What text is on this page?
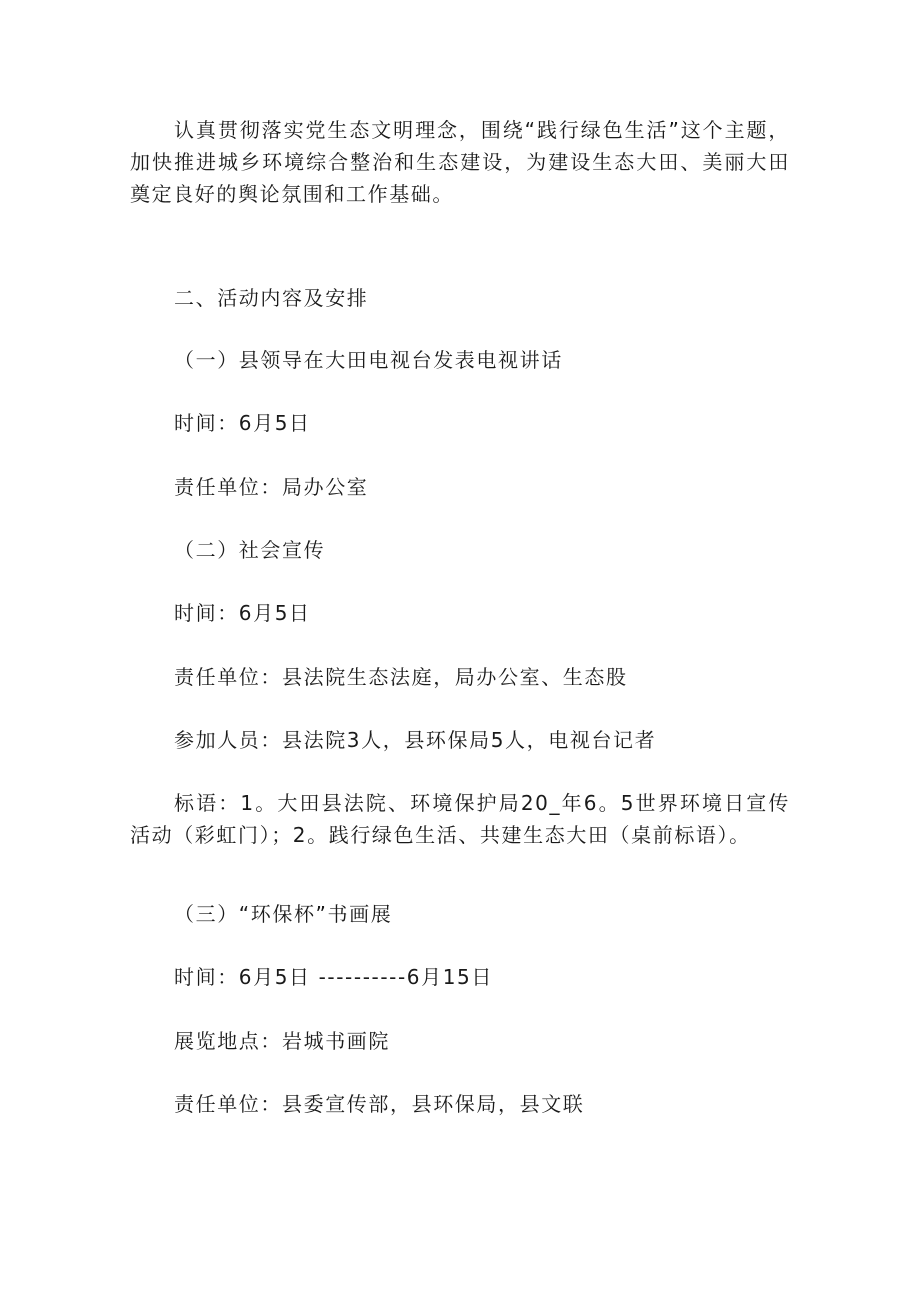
认真贯彻落实党生态文明理念，围绕“践行绿色生活”这个主题，加快推进城乡环境综合整治和生态建设，为建设生态大田、美丽大田奠定良好的舆论氛围和工作基础。

二、活动内容及安排

（一）县领导在大田电视台发表电视讲话

时间：6月5日

责任单位：局办公室

（二）社会宣传

时间：6月5日

责任单位：县法院生态法庭，局办公室、生态股

参加人员：县法院3人，县环保局5人，电视台记者

标语：1。大田县法院、环境保护局20_年6。5世界环境日宣传活动（彩虹门）；2。践行绿色生活、共建生态大田（桌前标语）。

（三）“环保杯”书画展

时间：6月5日 ----------6月15日

展览地点：岩城书画院

责任单位：县委宣传部，县环保局，县文联
